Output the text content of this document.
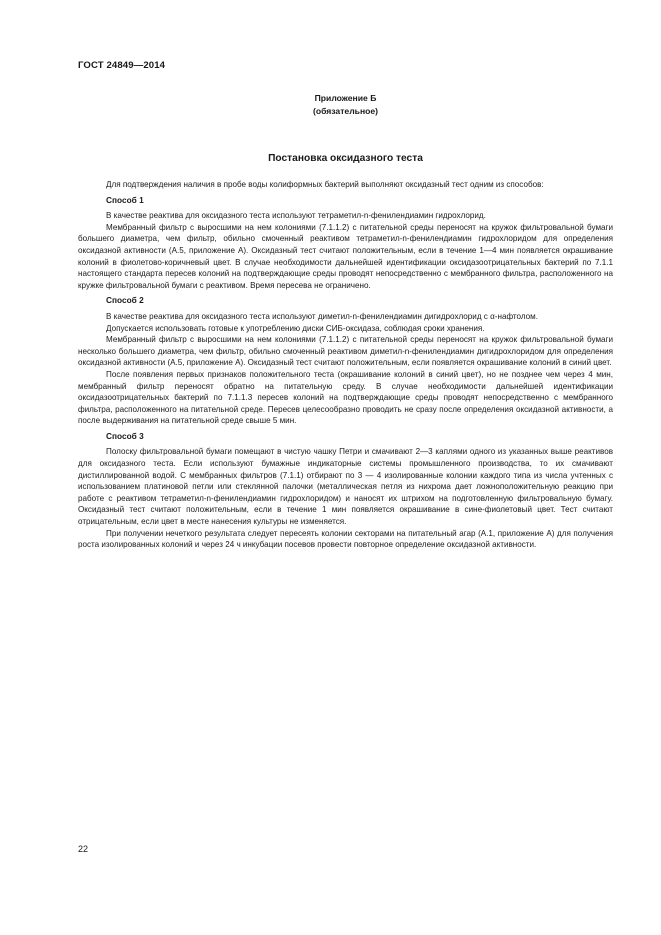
ГОСТ 24849—2014
Приложение Б
(обязательное)
Постановка оксидазного теста

Для подтверждения наличия в пробе воды колиформных бактерий выполняют оксидазный тест одним из способов:

Способ 1

В качестве реактива для оксидазного теста используют тетраметил-n-фенилендиамин гидрохлорид.

Мембранный фильтр с выросшими на нем колониями (7.1.1.2) с питательной среды переносят на кружок фильтровальной бумаги большего диаметра, чем фильтр, обильно смоченный реактивом тетраметил-n-фенилендиамин гидрохлоридом для определения оксидазной активности (А.5, приложение А). Оксидазный тест считают положительным, если в течение 1—4 мин появляется окрашивание колоний в фиолетово-коричневый цвет. В случае необходимости дальнейшей идентификации оксидазоотрицательных бактерий по 7.1.1 настоящего стандарта пересев колоний на подтверждающие среды проводят непосредственно с мембранного фильтра, расположенного на кружке фильтровальной бумаги с реактивом. Время пересева не ограничено.

Способ 2

В качестве реактива для оксидазного теста используют диметил-n-фенилендиамин дигидрохлорид с α-нафтолом.

Допускается использовать готовые к употреблению диски СИБ-оксидаза, соблюдая сроки хранения.

Мембранный фильтр с выросшими на нем колониями (7.1.1.2) с питательной среды переносят на кружок фильтровальной бумаги несколько большего диаметра, чем фильтр, обильно смоченный реактивом диметил-n-фенилендиамин дигидрохлоридом для определения оксидазной активности (А.5, приложение А). Оксидазный тест считают положительным, если появляется окрашивание колоний в синий цвет.

После появления первых признаков положительного теста (окрашивание колоний в синий цвет), но не позднее чем через 4 мин, мембранный фильтр переносят обратно на питательную среду. В случае необходимости дальнейшей идентификации оксидазоотрицательных бактерий по 7.1.1.3 пересев колоний на подтверждающие среды проводят непосредственно с мембранного фильтра, расположенного на питательной среде. Пересев целесообразно проводить не сразу после определения оксидазной активности, а после выдерживания на питательной среде свыше 5 мин.

Способ 3

Полоску фильтровальной бумаги помещают в чистую чашку Петри и смачивают 2—3 каплями одного из указанных выше реактивов для оксидазного теста. Если используют бумажные индикаторные системы промышленного производства, то их смачивают дистиллированной водой. С мембранных фильтров (7.1.1) отбирают по 3 — 4 изолированные колонии каждого типа из числа учтенных с использованием платиновой петли или стеклянной палочки (металлическая петля из нихрома дает ложноположительную реакцию при работе с реактивом тетраметил-n-фенилендиамин гидрохлоридом) и наносят их штрихом на подготовленную фильтровальную бумагу. Оксидазный тест считают положительным, если в течение 1 мин появляется окрашивание в сине-фиолетовый цвет. Тест считают отрицательным, если цвет в месте нанесения культуры не изменяется.

При получении нечеткого результата следует пересеять колонии секторами на питательный агар (А.1, приложение А) для получения роста изолированных колоний и через 24 ч инкубации посевов провести повторное определение оксидазной активности.

22
